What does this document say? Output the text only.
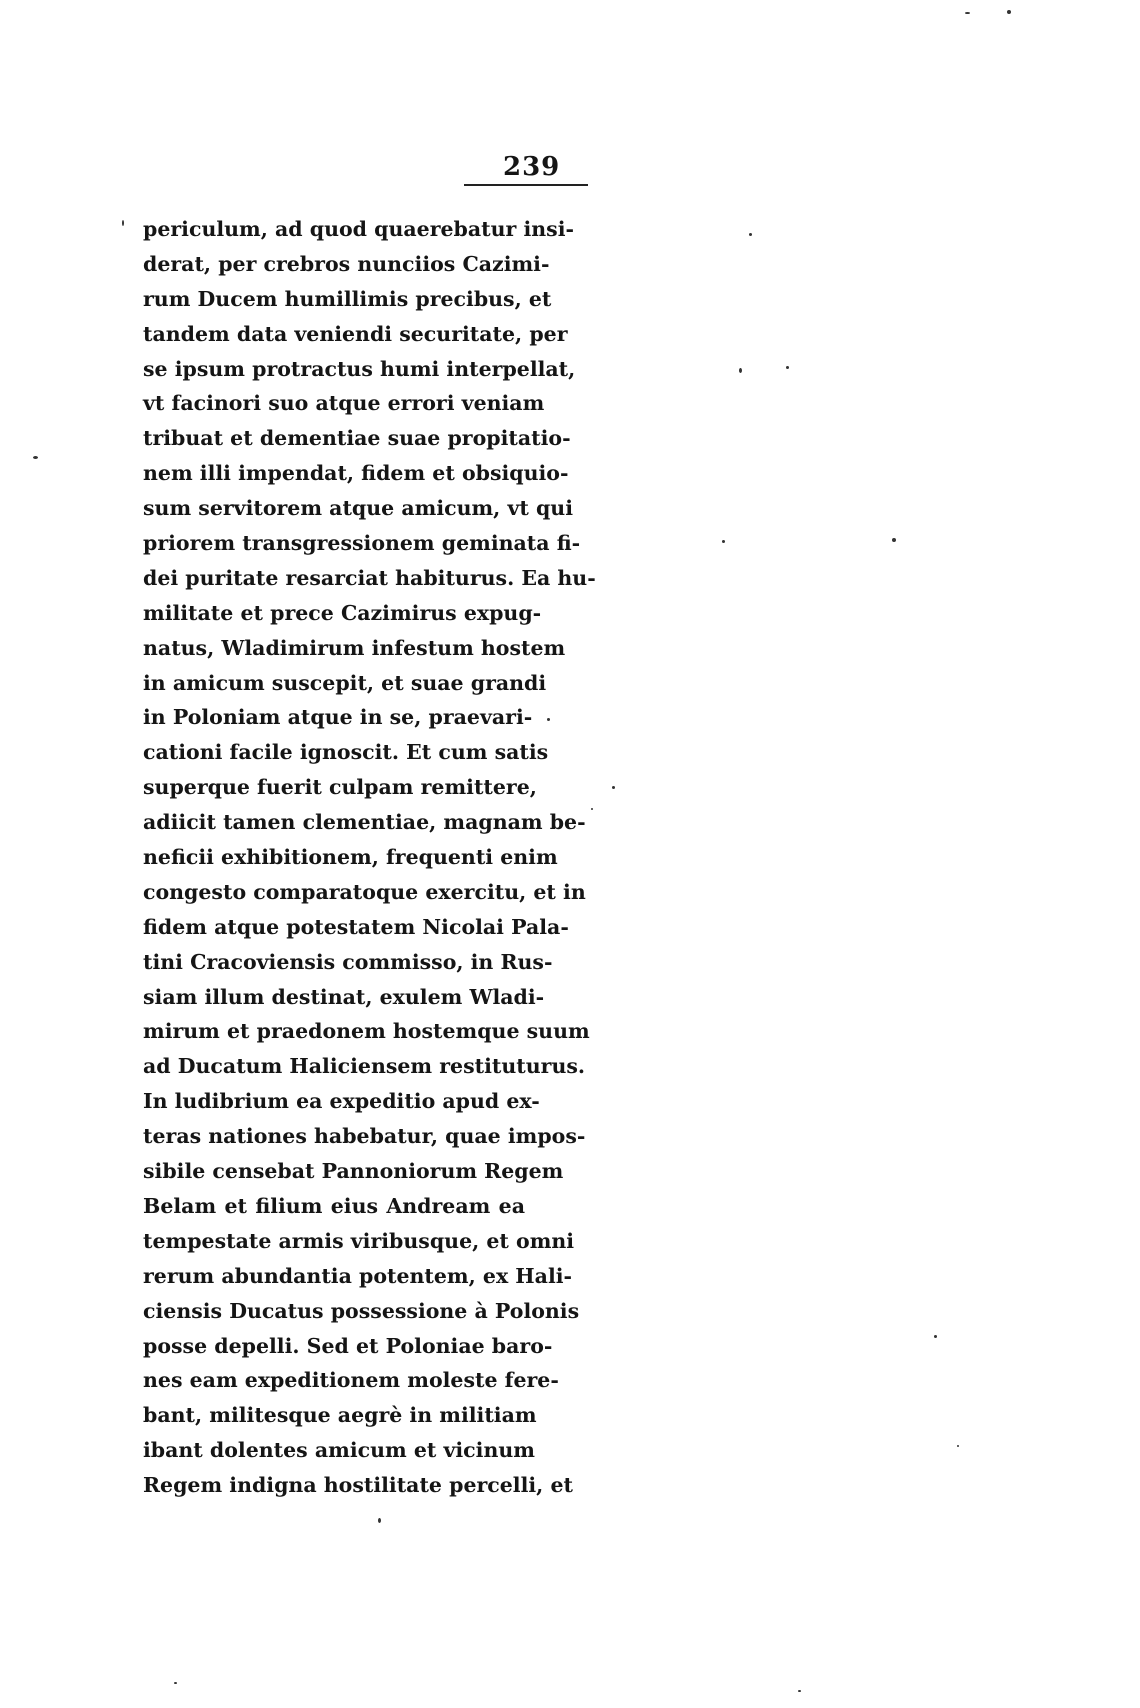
239
periculum, ad quod quaerebatur insi-
derat, per crebros nunciios Cazimi-
rum Ducem humillimis precibus, et
tandem data veniendi securitate, per
se ipsum protractus humi interpellat,
vt facinori suo atque errori veniam
tribuat et dementiae suae propitatio-
nem illi impendat, fidem et obsiquio-
sum servitorem atque amicum, vt qui
priorem transgressionem geminata fi-
dei puritate resarciat habiturus. Ea hu-
militate et prece Cazimirus expug-
natus, Wladimirum infestum hostem
in amicum suscepit, et suae grandi
in Poloniam atque in se, praevari-
cationi facile ignoscit. Et cum satis
superque fuerit culpam remittere,
adiicit tamen clementiae, magnam be-
neficii exhibitionem, frequenti enim
congesto comparatoque exercitu, et in
fidem atque potestatem Nicolai Pala-
tini Cracoviensis commisso, in Rus-
siam illum destinat, exulem Wladi-
mirum et praedonem hostemque suum
ad Ducatum Haliciensem restituturus.
In ludibrium ea expeditio apud ex-
teras nationes habebatur, quae impos-
sibile censebat Pannoniorum Regem
Belam et filium eius Andream ea
tempestate armis viribusque, et omni
rerum abundantia potentem, ex Hali-
ciensis Ducatus possessione à Polonis
posse depelli. Sed et Poloniae baro-
nes eam expeditionem moleste fere-
bant, militesque aegrè in militiam
ibant dolentes amicum et vicinum
Regem indigna hostilitate percelli, et
